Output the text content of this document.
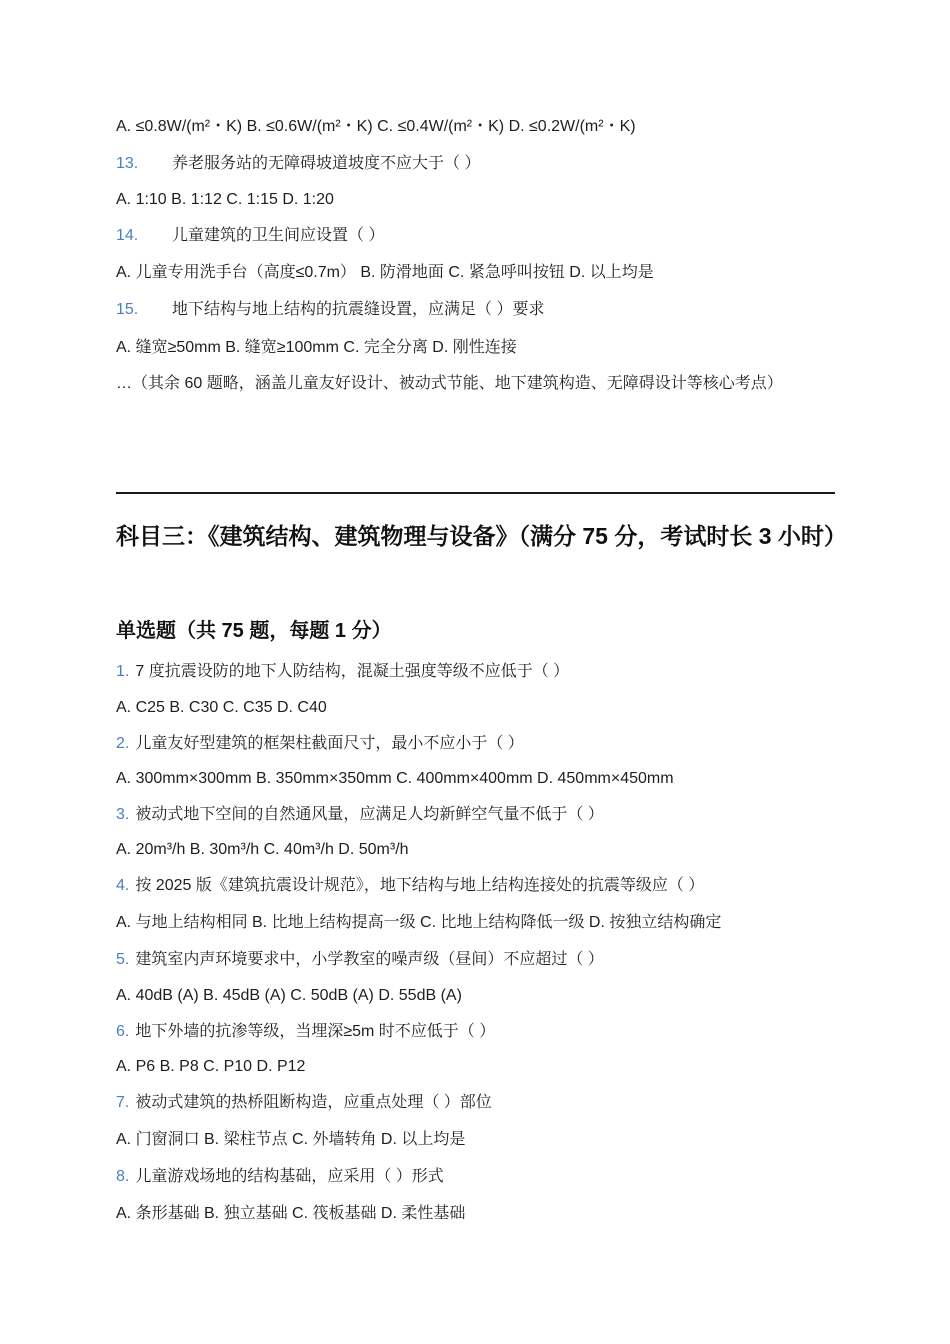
A. ≤0.8W/(m²・K) B. ≤0.6W/(m²・K) C. ≤0.4W/(m²・K) D. ≤0.2W/(m²・K)
13. 养老服务站的无障碍坡道坡度不应大于（ ）
A. 1:10 B. 1:12 C. 1:15 D. 1:20
14. 儿童建筑的卫生间应设置（ ）
A. 儿童专用洗手台（高度≤0.7m） B. 防滑地面 C. 紧急呼叫按钮 D. 以上均是
15. 地下结构与地上结构的抗震缝设置，应满足（ ）要求
A. 缝宽≥50mm B. 缝宽≥100mm C. 完全分离 D. 刚性连接
…（其余 60 题略，涵盖儿童友好设计、被动式节能、地下建筑构造、无障碍设计等核心考点）
科目三：《建筑结构、建筑物理与设备》（满分 75 分，考试时长 3 小时）
单选题（共 75 题，每题 1 分）
1. 7 度抗震设防的地下人防结构，混凝土强度等级不应低于（ ）
A. C25 B. C30 C. C35 D. C40
2. 儿童友好型建筑的框架柱截面尺寸，最小不应小于（ ）
A. 300mm×300mm B. 350mm×350mm C. 400mm×400mm D. 450mm×450mm
3. 被动式地下空间的自然通风量，应满足人均新鲜空气量不低于（ ）
A. 20m³/h B. 30m³/h C. 40m³/h D. 50m³/h
4. 按 2025 版《建筑抗震设计规范》，地下结构与地上结构连接处的抗震等级应（ ）
A. 与地上结构相同 B. 比地上结构提高一级 C. 比地上结构降低一级 D. 按独立结构确定
5. 建筑室内声环境要求中，小学教室的噪声级（昼间）不应超过（ ）
A. 40dB (A) B. 45dB (A) C. 50dB (A) D. 55dB (A)
6. 地下外墙的抗渗等级，当埋深≥5m 时不应低于（ ）
A. P6 B. P8 C. P10 D. P12
7. 被动式建筑的热桥阻断构造，应重点处理（ ）部位
A. 门窗洞口 B. 梁柱节点 C. 外墙转角 D. 以上均是
8. 儿童游戏场地的结构基础，应采用（ ）形式
A. 条形基础 B. 独立基础 C. 筏板基础 D. 柔性基础
